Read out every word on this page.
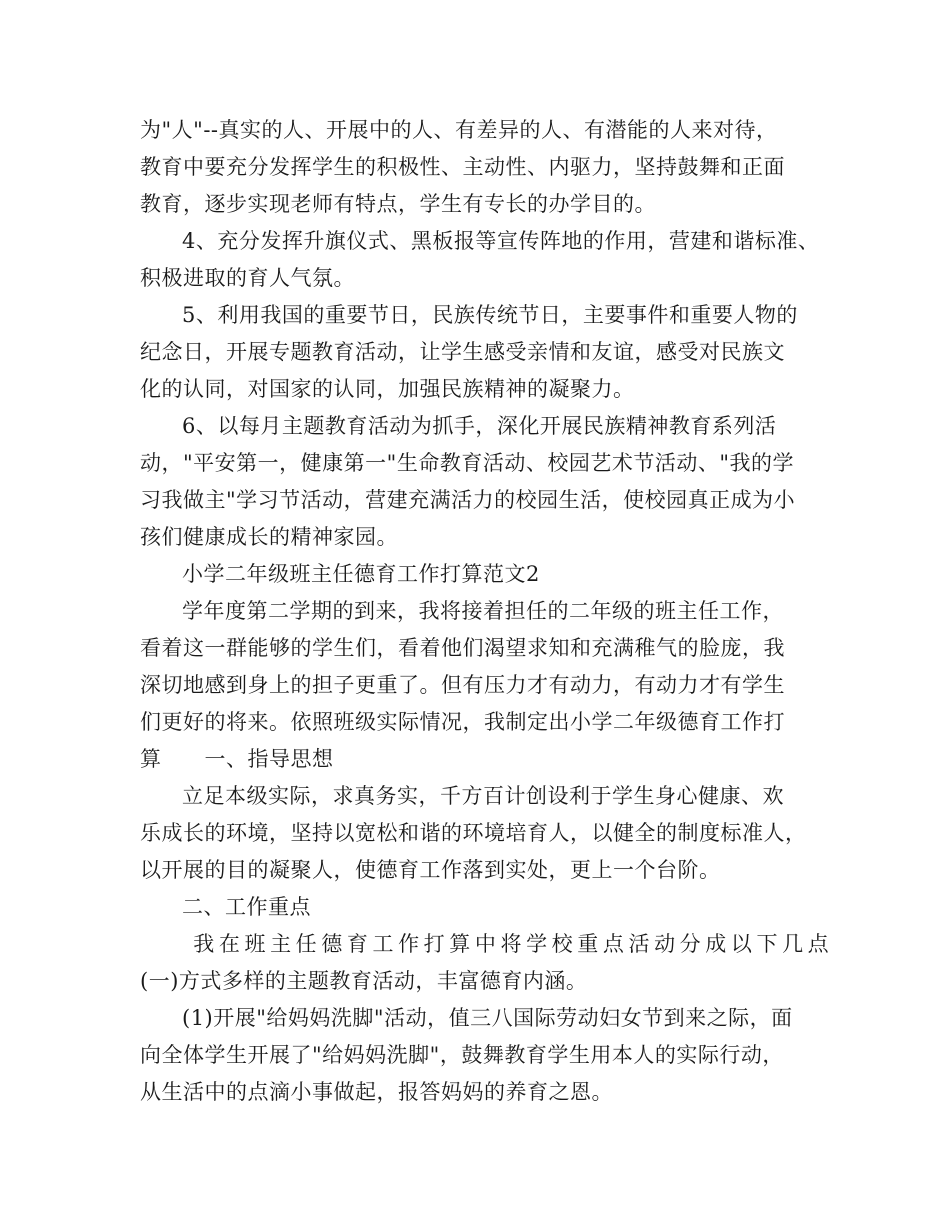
为"人"--真实的人、开展中的人、有差异的人、有潜能的人来对待，
教育中要充分发挥学生的积极性、主动性、内驱力，坚持鼓舞和正面
教育，逐步实现老师有特点，学生有专长的办学目的。
4、充分发挥升旗仪式、黑板报等宣传阵地的作用，营建和谐标准、
积极进取的育人气氛。
5、利用我国的重要节日，民族传统节日，主要事件和重要人物的
纪念日，开展专题教育活动，让学生感受亲情和友谊，感受对民族文
化的认同，对国家的认同，加强民族精神的凝聚力。
6、以每月主题教育活动为抓手，深化开展民族精神教育系列活
动，"平安第一，健康第一"生命教育活动、校园艺术节活动、"我的学
习我做主"学习节活动，营建充满活力的校园生活，使校园真正成为小
孩们健康成长的精神家园。
小学二年级班主任德育工作打算范文2
学年度第二学期的到来，我将接着担任的二年级的班主任工作，
看着这一群能够的学生们，看着他们渴望求知和充满稚气的脸庞，我
深切地感到身上的担子更重了。但有压力才有动力，有动力才有学生
们更好的将来。依照班级实际情况，我制定出小学二年级德育工作打
算      一、指导思想
立足本级实际，求真务实，千方百计创设利于学生身心健康、欢
乐成长的环境，坚持以宽松和谐的环境培育人，以健全的制度标准人，
以开展的目的凝聚人，使德育工作落到实处，更上一个台阶。
二、工作重点
我在班主任德育工作打算中将学校重点活动分成以下几点
(一)方式多样的主题教育活动，丰富德育内涵。
(1)开展"给妈妈洗脚"活动，值三八国际劳动妇女节到来之际，面
向全体学生开展了"给妈妈洗脚"，鼓舞教育学生用本人的实际行动，
从生活中的点滴小事做起，报答妈妈的养育之恩。
